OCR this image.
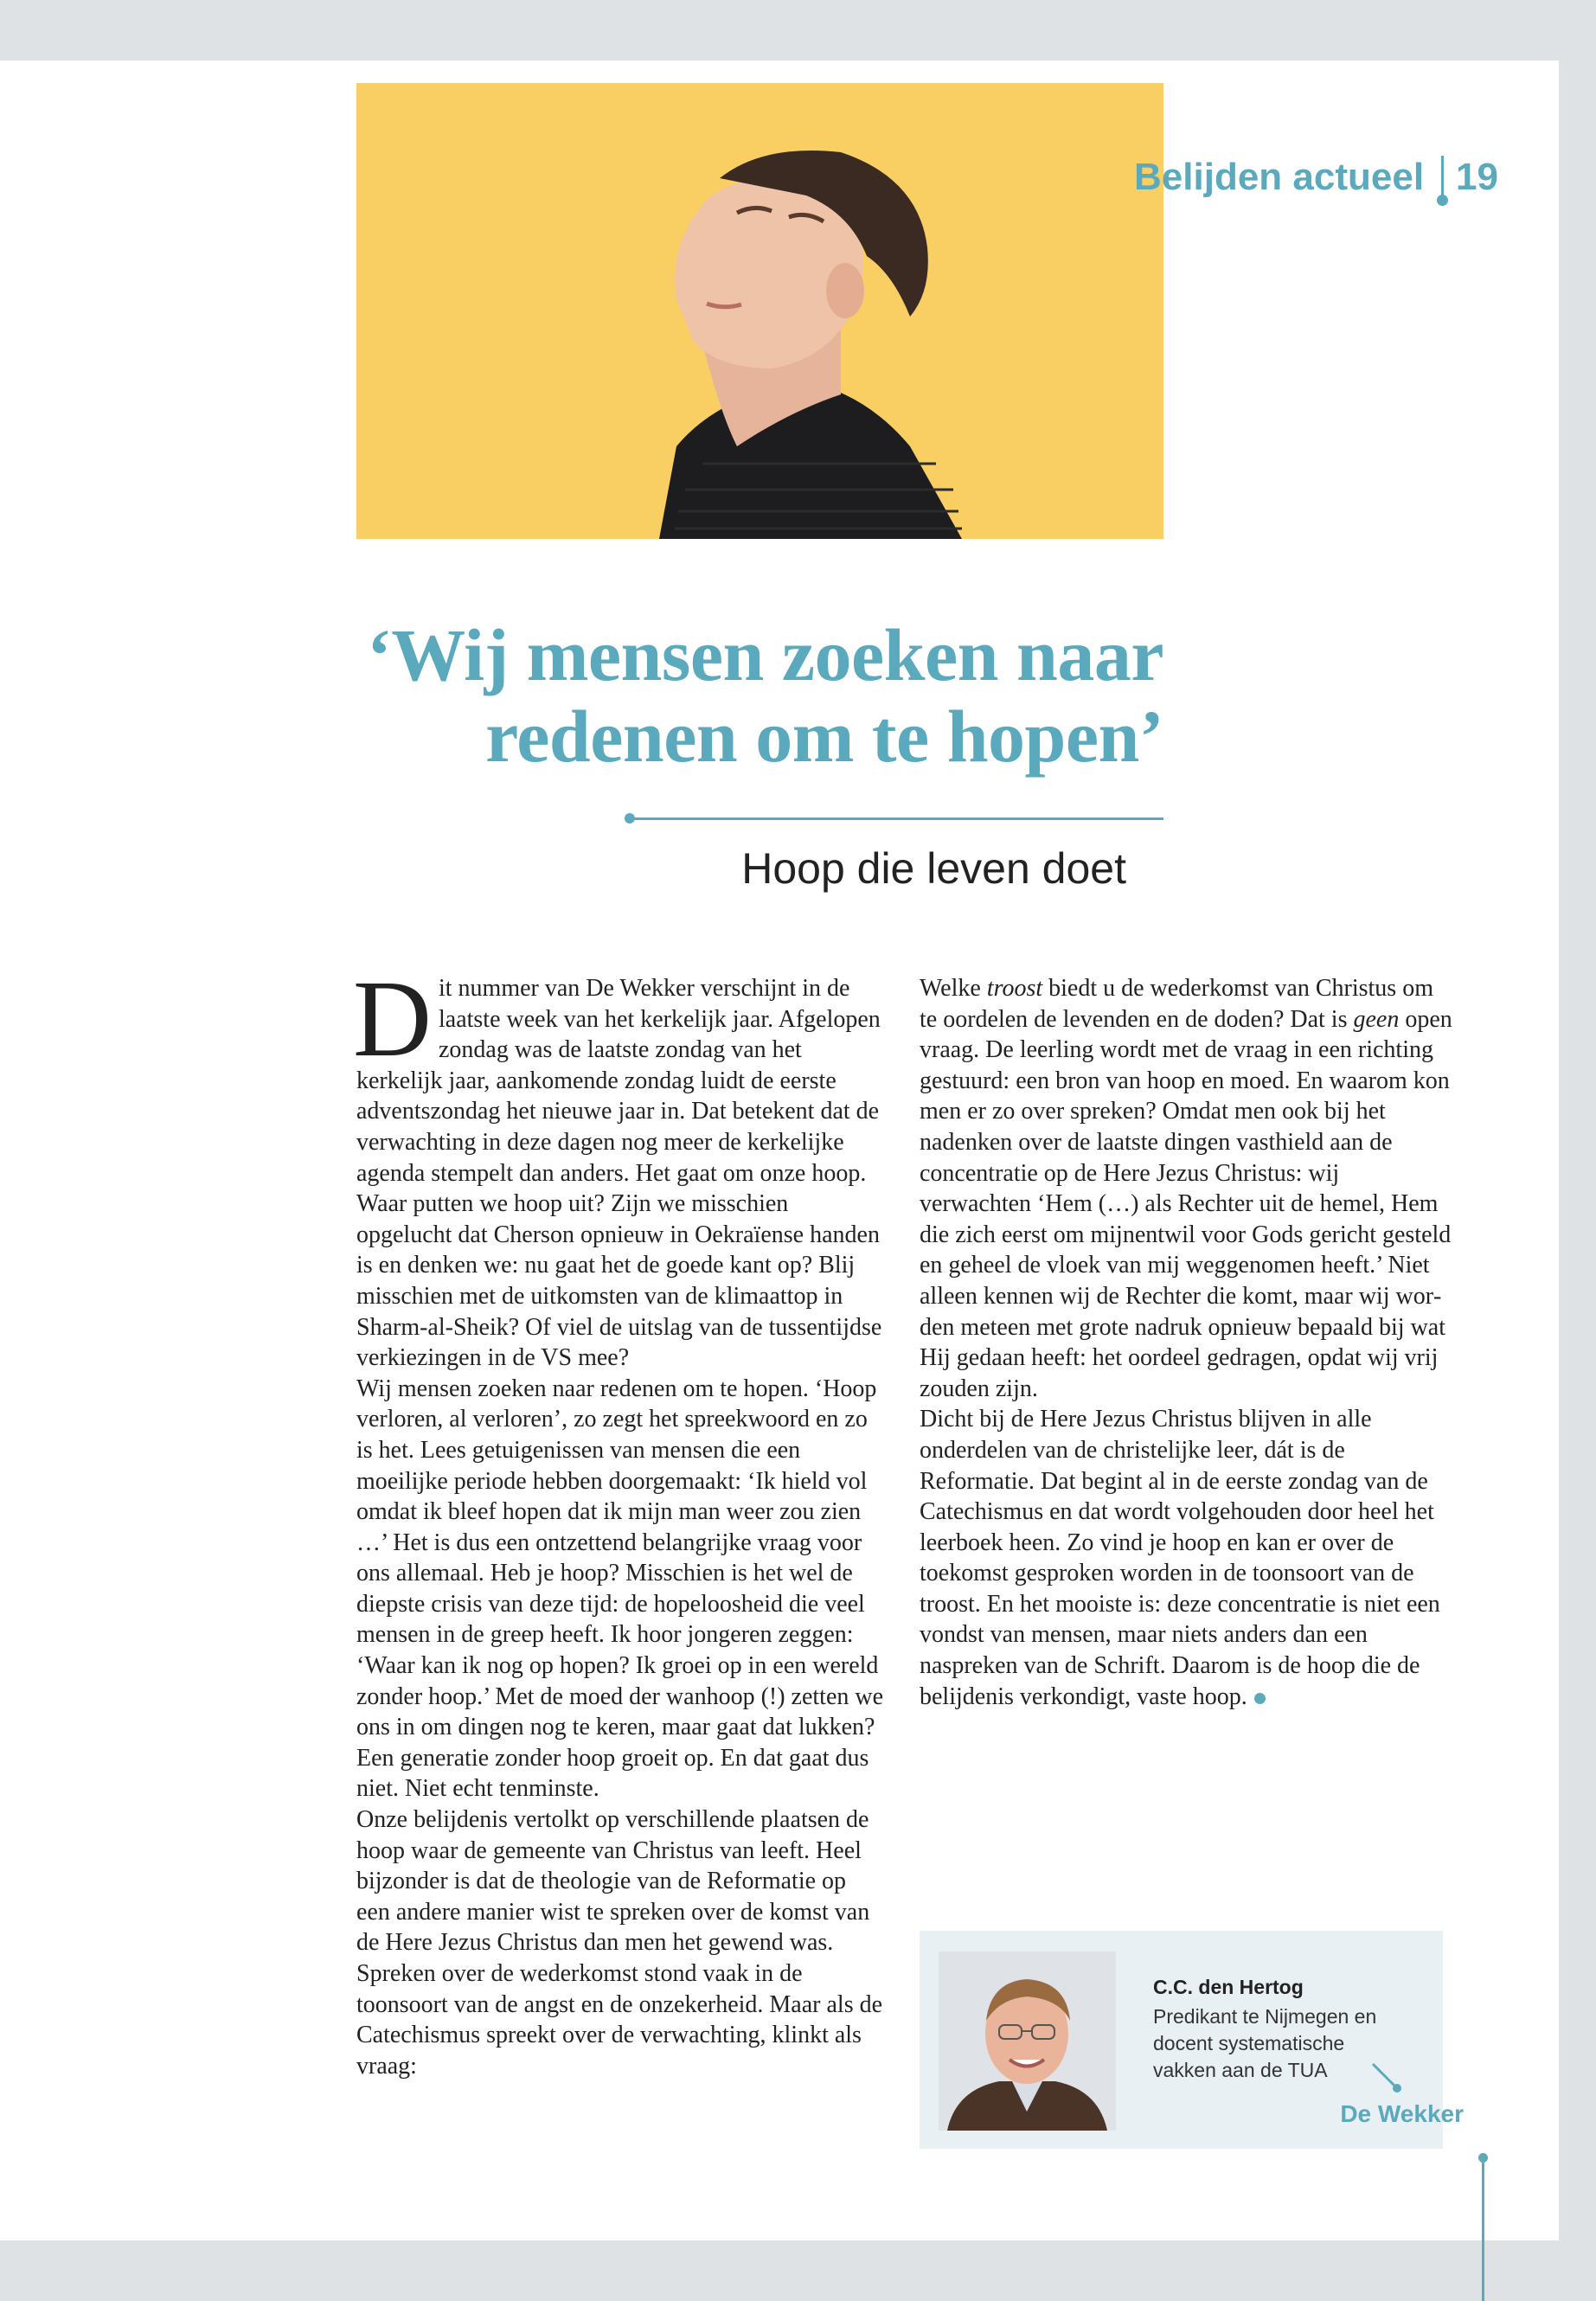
Belijden actueel 19
‘Wij mensen zoeken naar
redenen om te hopen’
Hoop die leven doet

Dit nummer van De Wekker verschijnt in de laatste week van het kerkelijk jaar. Afgelopen zondag was de laatste zondag van het kerkelijk jaar, aankomende zondag luidt de eerste adventszondag het nieuwe jaar in. Dat betekent dat de verwachting in deze dagen nog meer de kerkelijke agenda stempelt dan anders. Het gaat om onze hoop.

Waar putten we hoop uit? Zijn we misschien opgelucht dat Cherson opnieuw in Oekraïense handen is en denken we: nu gaat het de goede kant op? Blij misschien met de uitkomsten van de klimaattop in Sharm-al-Sheik? Of viel de uitslag van de tussentijdse verkiezingen in de VS mee?

Wij mensen zoeken naar redenen om te hopen. ‘Hoop verloren, al verloren’, zo zegt het spreekwoord en zo is het. Lees getuigenissen van mensen die een moeilijke periode hebben doorgemaakt: ‘Ik hield vol omdat ik bleef hopen dat ik mijn man weer zou zien …’ Het is dus een ontzettend belangrijke vraag voor ons allemaal. Heb je hoop? Misschien is het wel de diepste crisis van deze tijd: de hopeloosheid die veel mensen in de greep heeft. Ik hoor jongeren zeggen: ‘Waar kan ik nog op hopen? Ik groei op in een wereld zonder hoop.’ Met de moed der wanhoop (!) zetten we ons in om dingen nog te keren, maar gaat dat lukken? Een generatie zonder hoop groeit op. En dat gaat dus niet. Niet echt tenminste.

Onze belijdenis vertolkt op verschillende plaatsen de hoop waar de gemeente van Christus van leeft. Heel bijzonder is dat de theologie van de Reformatie op een andere manier wist te spreken over de komst van de Here Jezus Christus dan men het gewend was. Spreken over de wederkomst stond vaak in de toonsoort van de angst en de onzekerheid. Maar als de Catechismus spreekt over de verwachting, klinkt als vraag:

Welke troost biedt u de wederkomst van Christus om te oordelen de levenden en de doden? Dat is geen open vraag. De leerling wordt met de vraag in een richting gestuurd: een bron van hoop en moed. En waarom kon men er zo over spreken? Omdat men ook bij het nadenken over de laatste dingen vasthield aan de concentratie op de Here Jezus Christus: wij verwachten ‘Hem (…) als Rechter uit de hemel, Hem die zich eerst om mijnentwil voor Gods gericht gesteld en geheel de vloek van mij weggenomen heeft.’ Niet alleen kennen wij de Rechter die komt, maar wij worden meteen met grote nadruk opnieuw bepaald bij wat Hij gedaan heeft: het oordeel gedragen, opdat wij vrij zouden zijn.

Dicht bij de Here Jezus Christus blijven in alle onderdelen van de christelijke leer, dát is de Reformatie. Dat begint al in de eerste zondag van de Catechismus en dat wordt volgehouden door heel het leerboek heen. Zo vind je hoop en kan er over de toekomst gesproken worden in de toonsoort van de troost. En het mooiste is: deze concentratie is niet een vondst van mensen, maar niets anders dan een naspreken van de Schrift. Daarom is de hoop die de belijdenis verkondigt, vaste hoop.

C.C. den Hertog
Predikant te Nijmegen en docent systematische vakken aan de TUA
De Wekker
